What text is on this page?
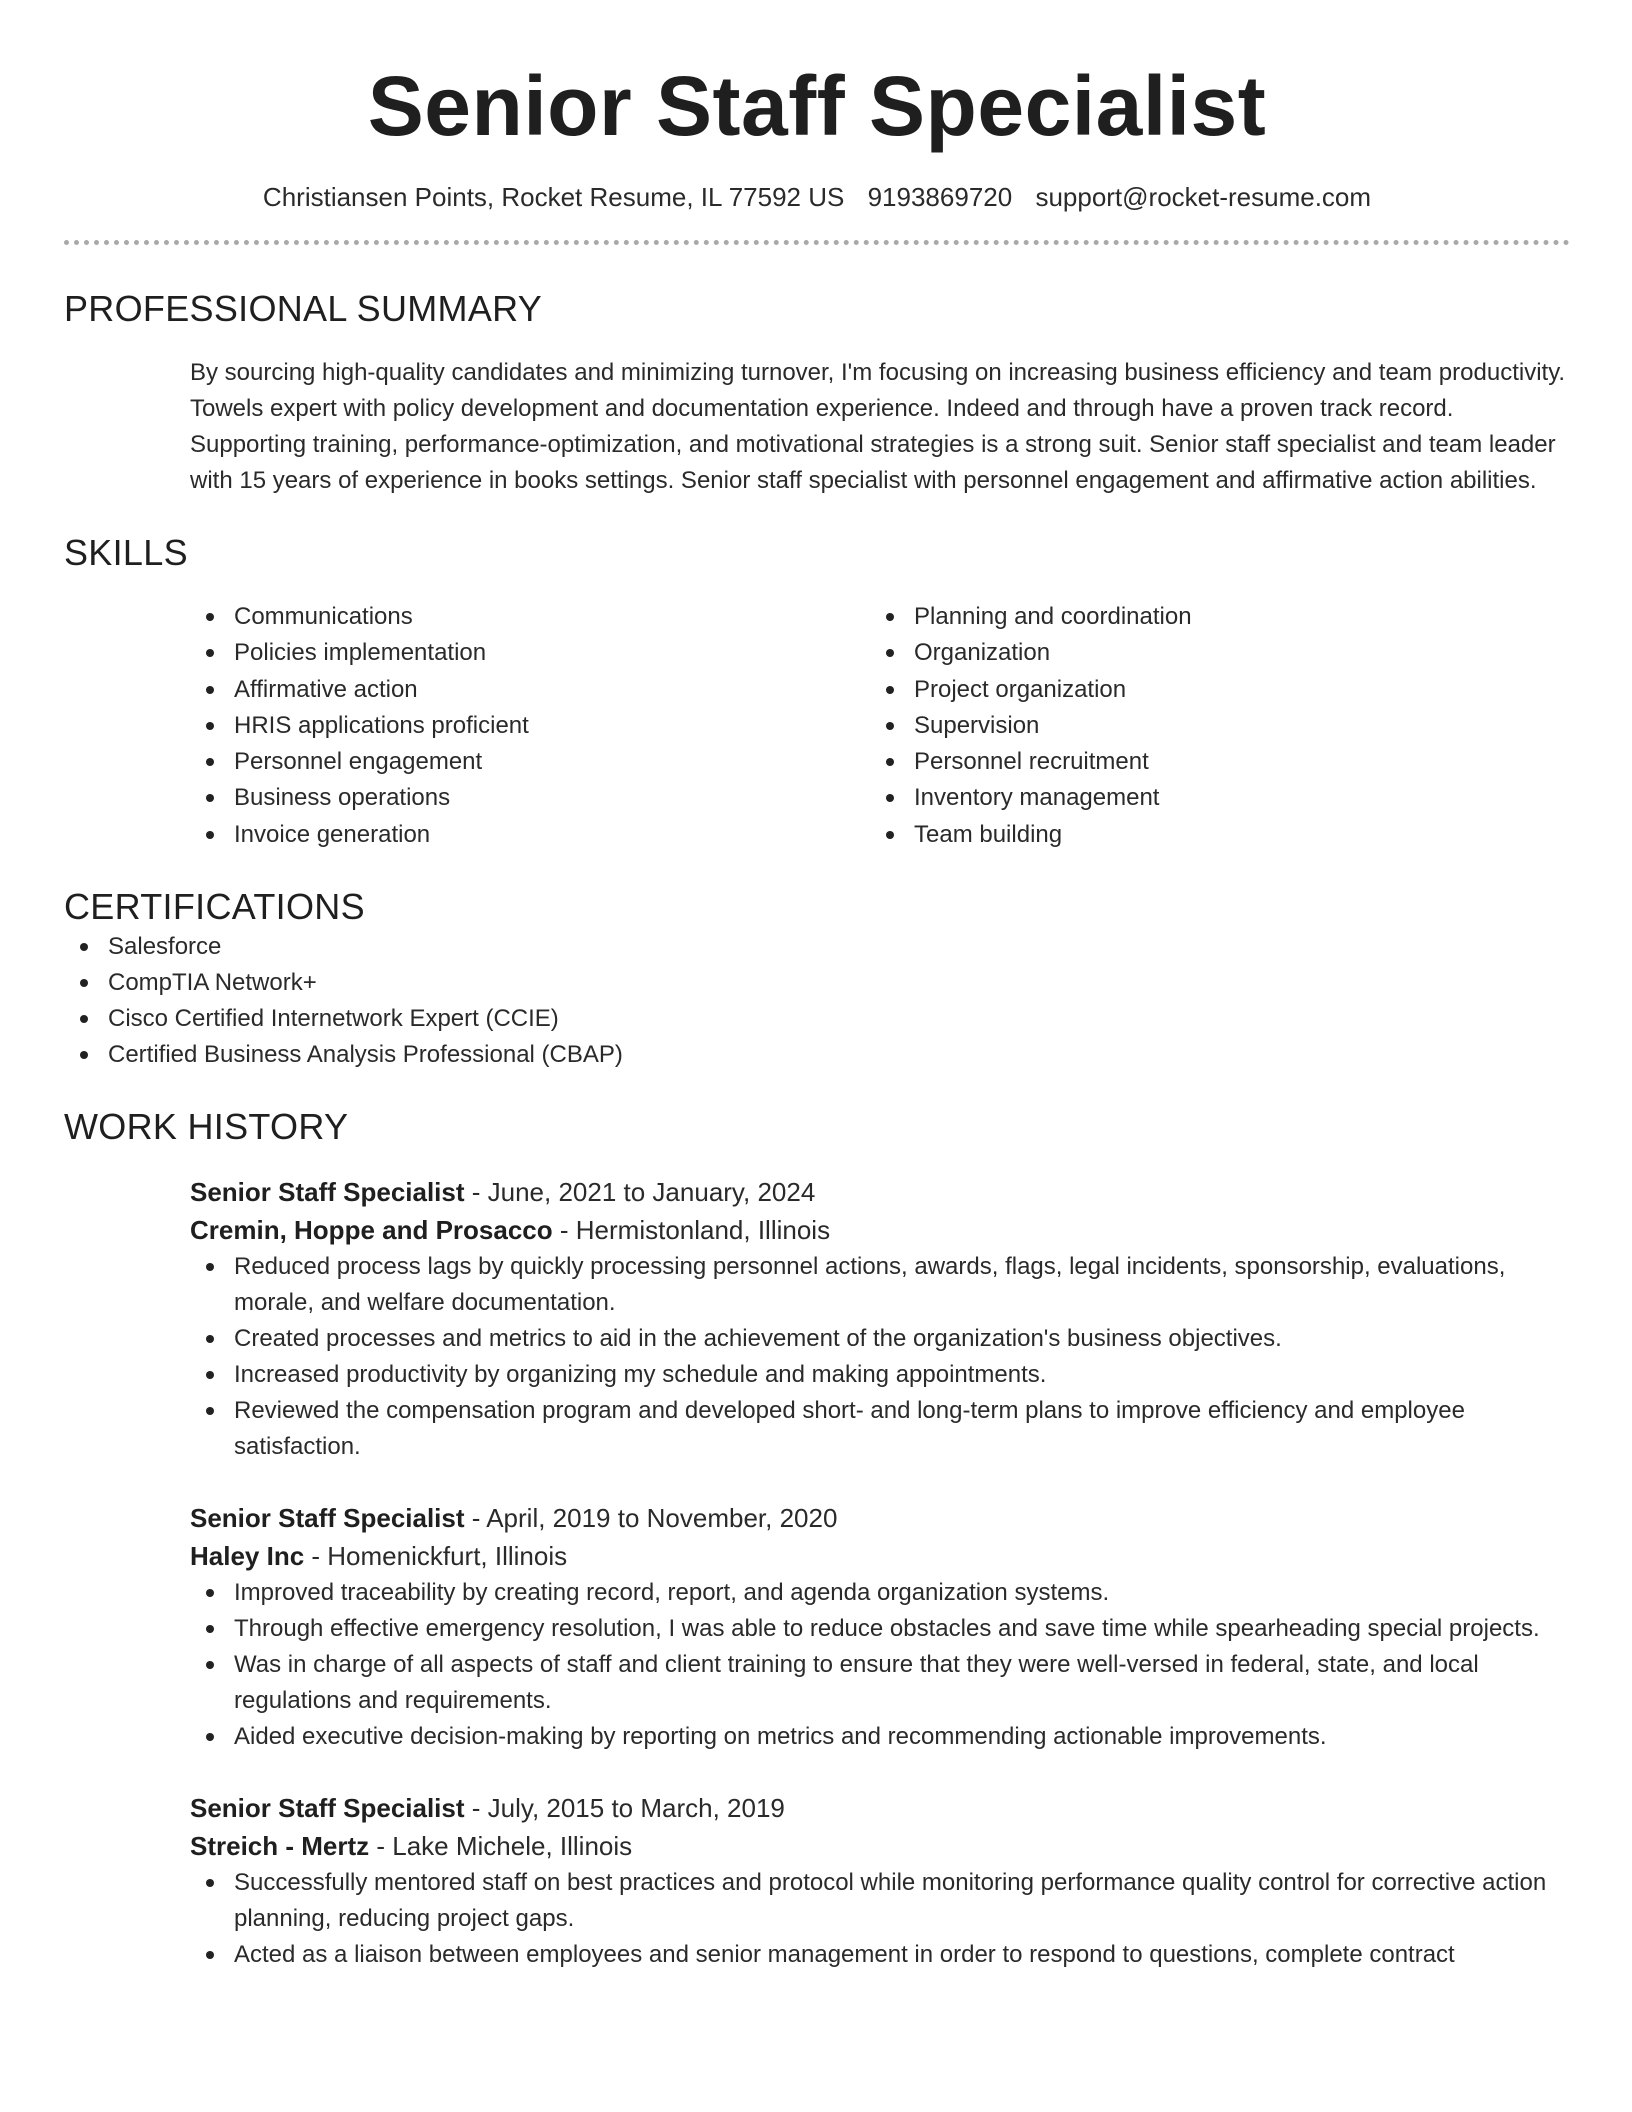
Senior Staff Specialist
Christiansen Points, Rocket Resume, IL 77592 US 9193869720 support@rocket-resume.com
PROFESSIONAL SUMMARY

By sourcing high-quality candidates and minimizing turnover, I'm focusing on increasing business efficiency and team productivity. Towels expert with policy development and documentation experience. Indeed and through have a proven track record. Supporting training, performance-optimization, and motivational strategies is a strong suit. Senior staff specialist and team leader with 15 years of experience in books settings. Senior staff specialist with personnel engagement and affirmative action abilities.

SKILLS
Communications
Policies implementation
Affirmative action
HRIS applications proficient
Personnel engagement
Business operations
Invoice generation
Planning and coordination
Organization
Project organization
Supervision
Personnel recruitment
Inventory management
Team building
CERTIFICATIONS
Salesforce
CompTIA Network+
Cisco Certified Internetwork Expert (CCIE)
Certified Business Analysis Professional (CBAP)
WORK HISTORY
Senior Staff Specialist - June, 2021 to January, 2024
Cremin, Hoppe and Prosacco - Hermistonland, Illinois
Reduced process lags by quickly processing personnel actions, awards, flags, legal incidents, sponsorship, evaluations, morale, and welfare documentation.
Created processes and metrics to aid in the achievement of the organization's business objectives.
Increased productivity by organizing my schedule and making appointments.
Reviewed the compensation program and developed short- and long-term plans to improve efficiency and employee satisfaction.
Senior Staff Specialist - April, 2019 to November, 2020
Haley Inc - Homenickfurt, Illinois
Improved traceability by creating record, report, and agenda organization systems.
Through effective emergency resolution, I was able to reduce obstacles and save time while spearheading special projects.
Was in charge of all aspects of staff and client training to ensure that they were well-versed in federal, state, and local regulations and requirements.
Aided executive decision-making by reporting on metrics and recommending actionable improvements.
Senior Staff Specialist - July, 2015 to March, 2019
Streich - Mertz - Lake Michele, Illinois
Successfully mentored staff on best practices and protocol while monitoring performance quality control for corrective action planning, reducing project gaps.
Acted as a liaison between employees and senior management in order to respond to questions, complete contract
